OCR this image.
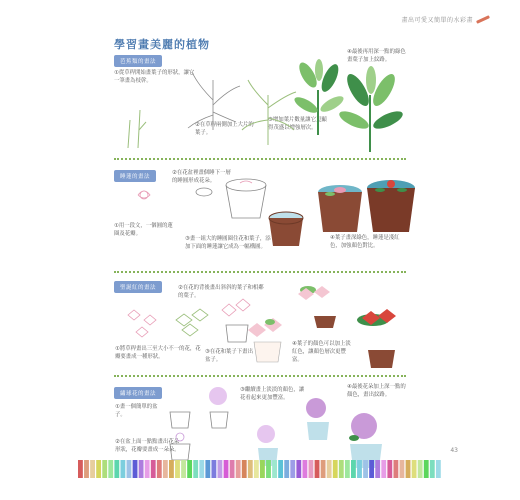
畫出可愛又簡單的水彩畫
學習畫美麗的植物
芭蕉類的畫法
①從草稈開始畫葉子的形狀，讓它一筆畫為枝幹。
②在草稈兩側加上大片的葉子。
③增加葉片數量讓它更顯得茂盛以增強層次。
④最後再用深一點的綠色畫葉子加上紋路。
睡蓮的畫法
②在花盆裡畫個睡下一層的睡圓形成花朵。
①用一段文，一個圓的蓮圈及花瓣。
③畫一組大的睡圓圈住花和葉子，添加下面的睡蓮讓它成為一幅構圖。
④葉子畫深綠色，睡蓮是淺紅色，加強顏色對比。
聖誕紅的畫法	②在花的背後畫出斜斜的葉子和相鄰的葉子。
①將草稈畫出三至大小不一的花，花瓣要畫成一種形狀。
③在花和葉子下畫出盆子。
④葉子的顏色可以加上淡紅色，讓顏色層次更豐富。
繡球花的畫法
①畫一個簡單的盆子。
②在盆上面一點點畫出花朵形狀，花瓣要畫成一朵朵。
③繼續畫上淡淡的顏色，讓花看起來更加豐富。
④最後花朵加上深一點的顏色，畫出紋路。
43
